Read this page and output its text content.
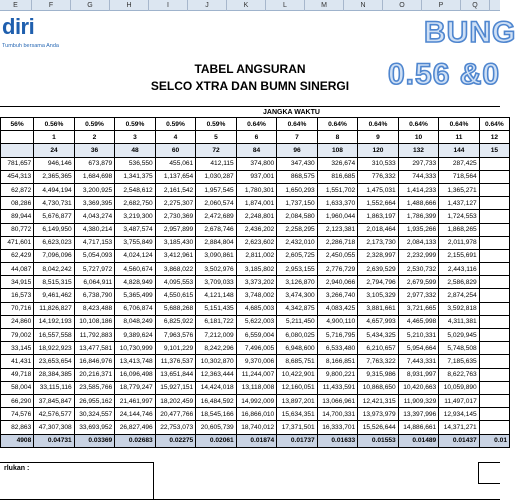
E	F	G	H	I	J	K	L	M	N	O	P	Q
diri
Tumbuh bersama Anda	BUNG
0.56 &0
TABEL ANGSURAN
SELCO XTRA DAN BUMN SINERGI
JANGKA WAKTU
56%	0.56%	0.59%	0.59%	0.59%	0.59%	0.64%	0.64%	0.64%	0.64%	0.64%	0.64%	0.64%
	1	2	3	4	5	6	7	8	9	10	11	12
	24	36	48	60	72	84	96	108	120	132	144	15
781,657	946,146	673,879	536,550	455,061	412,115	374,800	347,430	326,674	310,533	297,733	287,425	
454,313	2,365,365	1,684,698	1,341,375	1,137,654	1,030,287	937,001	868,575	816,685	776,332	744,333	718,564	
62,872	4,494,194	3,200,925	2,548,612	2,161,542	1,957,545	1,780,301	1,650,293	1,551,702	1,475,031	1,414,233	1,365,271	
08,286	4,730,731	3,369,395	2,682,750	2,275,307	2,060,574	1,874,001	1,737,150	1,633,370	1,552,664	1,488,666	1,437,127	
89,944	5,676,877	4,043,274	3,219,300	2,730,369	2,472,689	2,248,801	2,084,580	1,960,044	1,863,197	1,786,399	1,724,553	
80,772	6,149,950	4,380,214	3,487,574	2,957,899	2,678,746	2,436,202	2,258,295	2,123,381	2,018,464	1,935,266	1,868,265	
471,601	6,623,023	4,717,153	3,755,849	3,185,430	2,884,804	2,623,602	2,432,010	2,286,718	2,173,730	2,084,133	2,011,978	
62,429	7,096,096	5,054,093	4,024,124	3,412,961	3,090,861	2,811,002	2,605,725	2,450,055	2,328,997	2,232,999	2,155,691	
44,087	8,042,242	5,727,972	4,560,674	3,868,022	3,502,976	3,185,802	2,953,155	2,776,729	2,639,529	2,530,732	2,443,116	
34,915	8,515,315	6,064,911	4,828,949	4,095,553	3,709,033	3,373,202	3,126,870	2,940,066	2,794,796	2,679,599	2,586,829	
16,573	9,461,462	6,738,790	5,365,499	4,550,615	4,121,148	3,748,002	3,474,300	3,266,740	3,105,329	2,977,332	2,874,254	
70,716	11,826,827	8,423,488	6,706,874	5,688,268	5,151,435	4,685,003	4,342,875	4,083,425	3,881,661	3,721,665	3,592,818	
24,860	14,192,193	10,108,186	8,048,249	6,825,922	6,181,722	5,622,003	5,211,450	4,900,110	4,657,993	4,465,998	4,311,381	
79,002	16,557,558	11,792,883	9,389,624	7,963,576	7,212,009	6,559,004	6,080,025	5,716,795	5,434,325	5,210,331	5,029,945	
33,145	18,922,923	13,477,581	10,730,999	9,101,229	8,242,296	7,496,005	6,948,600	6,533,480	6,210,657	5,954,664	5,748,508	
41,431	23,653,654	16,846,976	13,413,748	11,376,537	10,302,870	9,370,006	8,685,751	8,166,851	7,763,322	7,443,331	7,185,635	
49,718	28,384,385	20,216,371	16,096,498	13,651,844	12,363,444	11,244,007	10,422,901	9,800,221	9,315,986	8,931,997	8,622,763	
58,004	33,115,116	23,585,766	18,779,247	15,927,151	14,424,018	13,118,008	12,160,051	11,433,591	10,868,650	10,420,663	10,059,890	
66,290	37,845,847	26,955,162	21,461,997	18,202,459	16,484,592	14,992,009	13,897,201	13,066,961	12,421,315	11,909,329	11,497,017	
74,576	42,576,577	30,324,557	24,144,746	20,477,766	18,545,166	16,866,010	15,634,351	14,700,331	13,973,979	13,397,996	12,934,145	
82,863	47,307,308	33,693,952	26,827,496	22,753,073	20,605,739	18,740,012	17,371,501	16,333,701	15,526,644	14,886,661	14,371,271	
4908	0.04731	0.03369	0.02683	0.02275	0.02061	0.01874	0.01737	0.01633	0.01553	0.01489	0.01437	0.01
rlukan :
